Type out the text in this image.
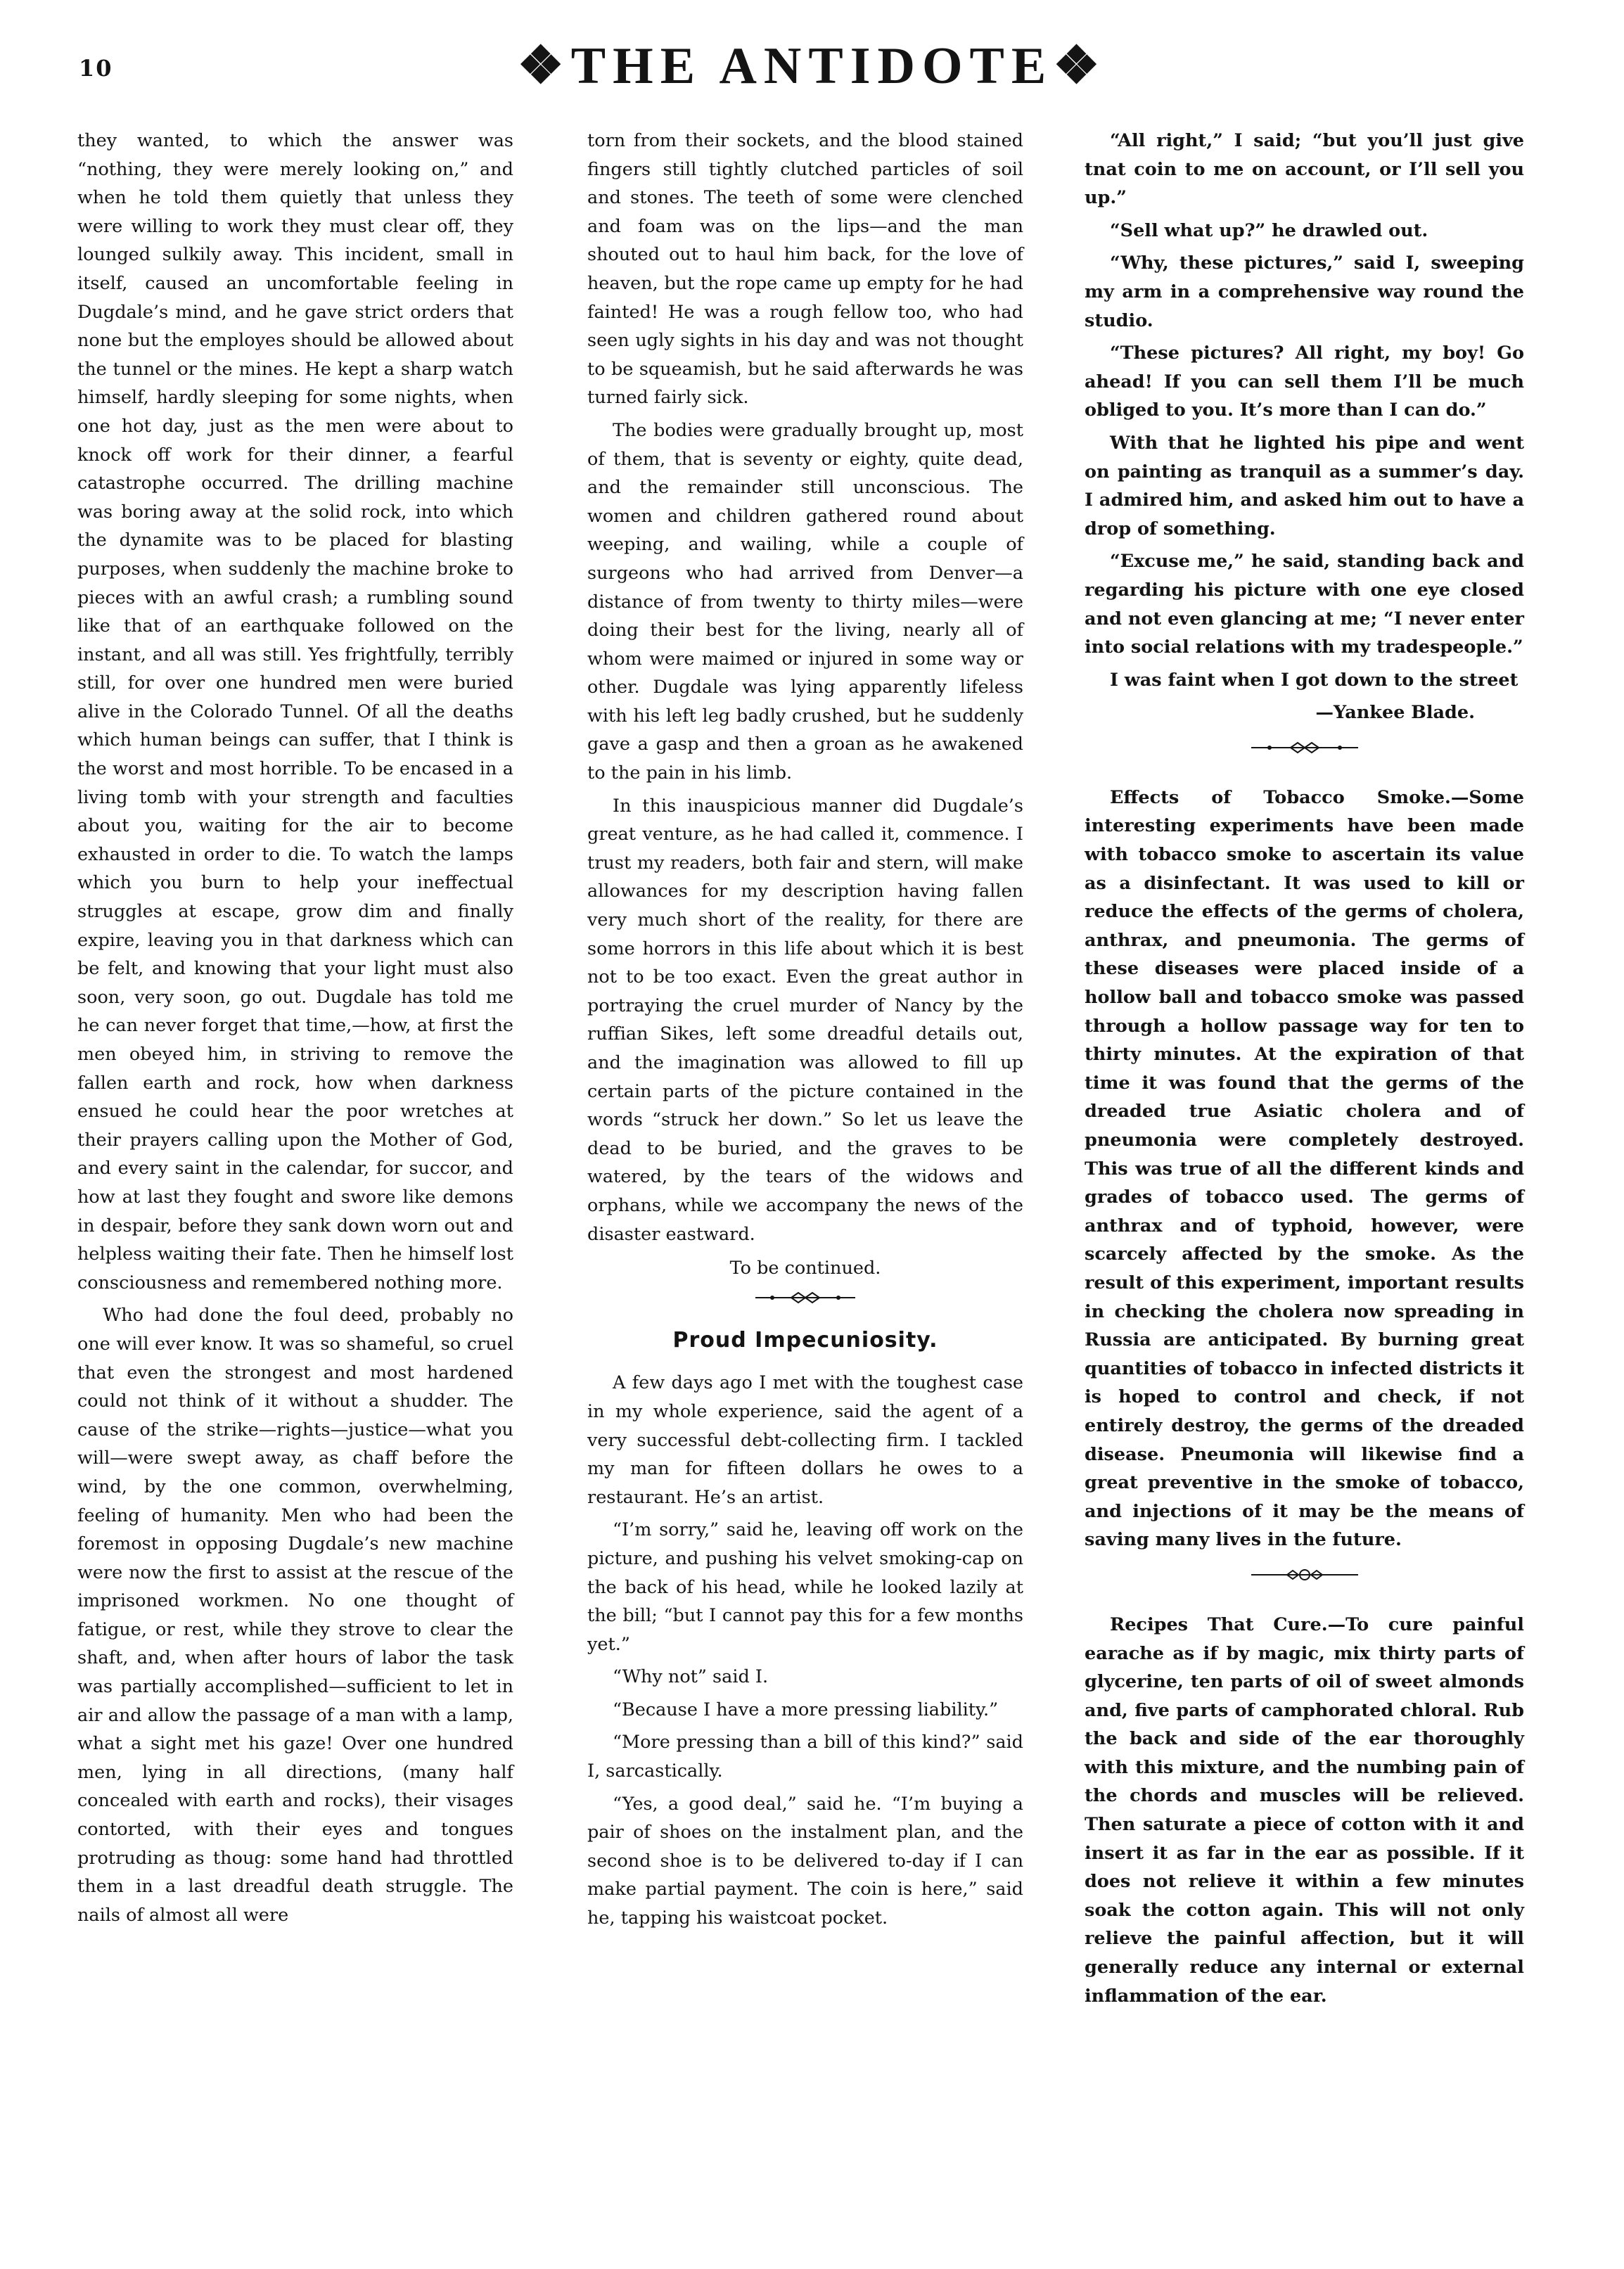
10	❖THE ANTIDOTE❖

they wanted, to which the answer was “nothing, they were merely looking on,” and when he told them quietly that unless they were willing to work they must clear off, they lounged sulkily away. This incident, small in itself, caused an uncomfortable feeling in Dugdale’s mind, and he gave strict orders that none but the employes should be allowed about the tunnel or the mines. He kept a sharp watch himself, hardly sleeping for some nights, when one hot day, just as the men were about to knock off work for their dinner, a fearful catastrophe occurred. The drilling machine was boring away at the solid rock, into which the dynamite was to be placed for blasting purposes, when suddenly the machine broke to pieces with an awful crash; a rumbling sound like that of an earthquake followed on the instant, and all was still. Yes frightfully, terribly still, for over one hundred men were buried alive in the Colorado Tunnel. Of all the deaths which human beings can suffer, that I think is the worst and most horrible. To be encased in a living tomb with your strength and faculties about you, waiting for the air to become exhausted in order to die. To watch the lamps which you burn to help your ineffectual struggles at escape, grow dim and finally expire, leaving you in that darkness which can be felt, and knowing that your light must also soon, very soon, go out. Dugdale has told me he can never forget that time,—how, at first the men obeyed him, in striving to remove the fallen earth and rock, how when darkness ensued he could hear the poor wretches at their prayers calling upon the Mother of God, and every saint in the calendar, for succor, and how at last they fought and swore like demons in despair, before they sank down worn out and helpless waiting their fate. Then he himself lost consciousness and remembered nothing more.

Who had done the foul deed, probably no one will ever know. It was so shameful, so cruel that even the strongest and most hardened could not think of it without a shudder. The cause of the strike—rights—justice—what you will—were swept away, as chaff before the wind, by the one common, overwhelming, feeling of humanity. Men who had been the foremost in opposing Dugdale’s new machine were now the first to assist at the rescue of the imprisoned workmen. No one thought of fatigue, or rest, while they strove to clear the shaft, and, when after hours of labor the task was partially accomplished—sufficient to let in air and allow the passage of a man with a lamp, what a sight met his gaze! Over one hundred men, lying in all directions, (many half concealed with earth and rocks), their visages contorted, with their eyes and tongues protruding as thoug: some hand had throttled them in a last dreadful death struggle. The nails of almost all were

torn from their sockets, and the blood stained fingers still tightly clutched particles of soil and stones. The teeth of some were clenched and foam was on the lips—and the man shouted out to haul him back, for the love of heaven, but the rope came up empty for he had fainted! He was a rough fellow too, who had seen ugly sights in his day and was not thought to be squeamish, but he said afterwards he was turned fairly sick.

The bodies were gradually brought up, most of them, that is seventy or eighty, quite dead, and the remainder still unconscious. The women and children gathered round about weeping, and wailing, while a couple of surgeons who had arrived from Denver—a distance of from twenty to thirty miles—were doing their best for the living, nearly all of whom were maimed or injured in some way or other. Dugdale was lying apparently lifeless with his left leg badly crushed, but he suddenly gave a gasp and then a groan as he awakened to the pain in his limb.

In this inauspicious manner did Dugdale’s great venture, as he had called it, commence. I trust my readers, both fair and stern, will make allowances for my description having fallen very much short of the reality, for there are some horrors in this life about which it is best not to be too exact. Even the great author in portraying the cruel murder of Nancy by the ruffian Sikes, left some dreadful details out, and the imagination was allowed to fill up certain parts of the picture contained in the words “struck her down.” So let us leave the dead to be buried, and the graves to be watered, by the tears of the widows and orphans, while we accompany the news of the disaster eastward.

To be continued.
Proud Impecuniosity.

A few days ago I met with the toughest case in my whole experience, said the agent of a very successful debt-collecting firm. I tackled my man for fifteen dollars he owes to a restaurant. He’s an artist.

“I’m sorry,” said he, leaving off work on the picture, and pushing his velvet smoking-cap on the back of his head, while he looked lazily at the bill; “but I cannot pay this for a few months yet.”

“Why not” said I.

“Because I have a more pressing liability.”

“More pressing than a bill of this kind?” said I, sarcastically.

“Yes, a good deal,” said he. “I’m buying a pair of shoes on the instalment plan, and the second shoe is to be delivered to-day if I can make partial payment. The coin is here,” said he, tapping his waistcoat pocket.

“All right,” I said; “but you’ll just give tnat coin to me on account, or I’ll sell you up.”

“Sell what up?” he drawled out.

“Why, these pictures,” said I, sweeping my arm in a comprehensive way round the studio.

“These pictures? All right, my boy! Go ahead! If you can sell them I’ll be much obliged to you. It’s more than I can do.”

With that he lighted his pipe and went on painting as tranquil as a summer’s day. I admired him, and asked him out to have a drop of something.

“Excuse me,” he said, standing back and regarding his picture with one eye closed and not even glancing at me; “I never enter into social relations with my tradespeople.”

I was faint when I got down to the street

—Yankee Blade.

Effects of Tobacco Smoke.—Some interesting experiments have been made with tobacco smoke to ascertain its value as a disinfectant. It was used to kill or reduce the effects of the germs of cholera, anthrax, and pneumonia. The germs of these diseases were placed inside of a hollow ball and tobacco smoke was passed through a hollow passage way for ten to thirty minutes. At the expiration of that time it was found that the germs of the dreaded true Asiatic cholera and of pneumonia were completely destroyed. This was true of all the different kinds and grades of tobacco used. The germs of anthrax and of typhoid, however, were scarcely affected by the smoke. As the result of this experiment, important results in checking the cholera now spreading in Russia are anticipated. By burning great quantities of tobacco in infected districts it is hoped to control and check, if not entirely destroy, the germs of the dreaded disease. Pneumonia will likewise find a great preventive in the smoke of tobacco, and injections of it may be the means of saving many lives in the future.

Recipes That Cure.—To cure painful earache as if by magic, mix thirty parts of glycerine, ten parts of oil of sweet almonds and, five parts of camphorated chloral. Rub the back and side of the ear thoroughly with this mixture, and the numbing pain of the chords and muscles will be relieved. Then saturate a piece of cotton with it and insert it as far in the ear as possible. If it does not relieve it within a few minutes soak the cotton again. This will not only relieve the painful affection, but it will generally reduce any internal or external inflammation of the ear.
